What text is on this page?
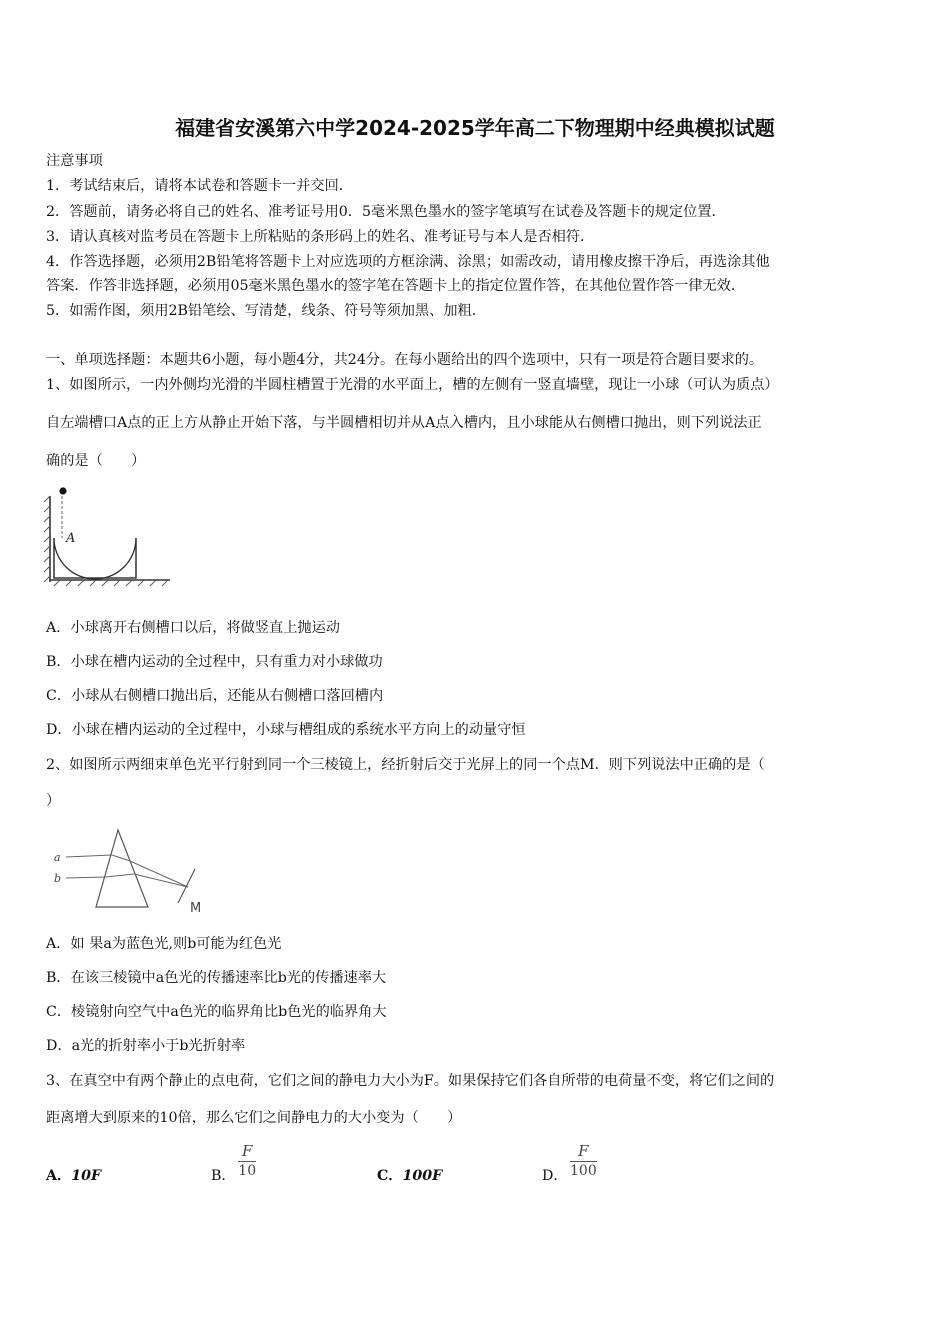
福建省安溪第六中学2024-2025学年高二下物理期中经典模拟试题
注意事项
1．考试结束后，请将本试卷和答题卡一并交回．
2．答题前，请务必将自己的姓名、准考证号用0．5毫米黑色墨水的签字笔填写在试卷及答题卡的规定位置．
3．请认真核对监考员在答题卡上所粘贴的条形码上的姓名、准考证号与本人是否相符．
4．作答选择题，必须用2B铅笔将答题卡上对应选项的方框涂满、涂黑；如需改动，请用橡皮擦干净后，再选涂其他
答案．作答非选择题，必须用05毫米黑色墨水的签字笔在答题卡上的指定位置作答，在其他位置作答一律无效．
5．如需作图，须用2B铅笔绘、写清楚，线条、符号等须加黑、加粗．
一、单项选择题：本题共6小题，每小题4分，共24分。在每小题给出的四个选项中，只有一项是符合题目要求的。
1、如图所示，一内外侧均光滑的半圆柱槽置于光滑的水平面上，槽的左侧有一竖直墙壁，现让一小球（可认为质点）
自左端槽口A点的正上方从静止开始下落，与半圆槽相切并从A点入槽内，且小球能从右侧槽口抛出，则下列说法正
确的是（　　）
A
A．小球离开右侧槽口以后，将做竖直上抛运动
B．小球在槽内运动的全过程中，只有重力对小球做功
C．小球从右侧槽口抛出后，还能从右侧槽口落回槽内
D．小球在槽内运动的全过程中，小球与槽组成的系统水平方向上的动量守恒
2、如图所示两细束单色光平行射到同一个三棱镜上，经折射后交于光屏上的同一个点M．则下列说法中正确的是（
）
a
b
M
A．如 果a为蓝色光,则b可能为红色光
B．在该三棱镜中a色光的传播速率比b光的传播速率大
C．棱镜射向空气中a色光的临界角比b色光的临界角大
D．a光的折射率小于b光折射率
3、在真空中有两个静止的点电荷，它们之间的静电力大小为F。如果保持它们各自所带的电荷量不变，将它们之间的
距离增大到原来的10倍，那么它们之间静电力的大小变为（　　）
A．10F	B． $\frac{F}{10}$	C．100F	D． $\frac{F}{100}$
